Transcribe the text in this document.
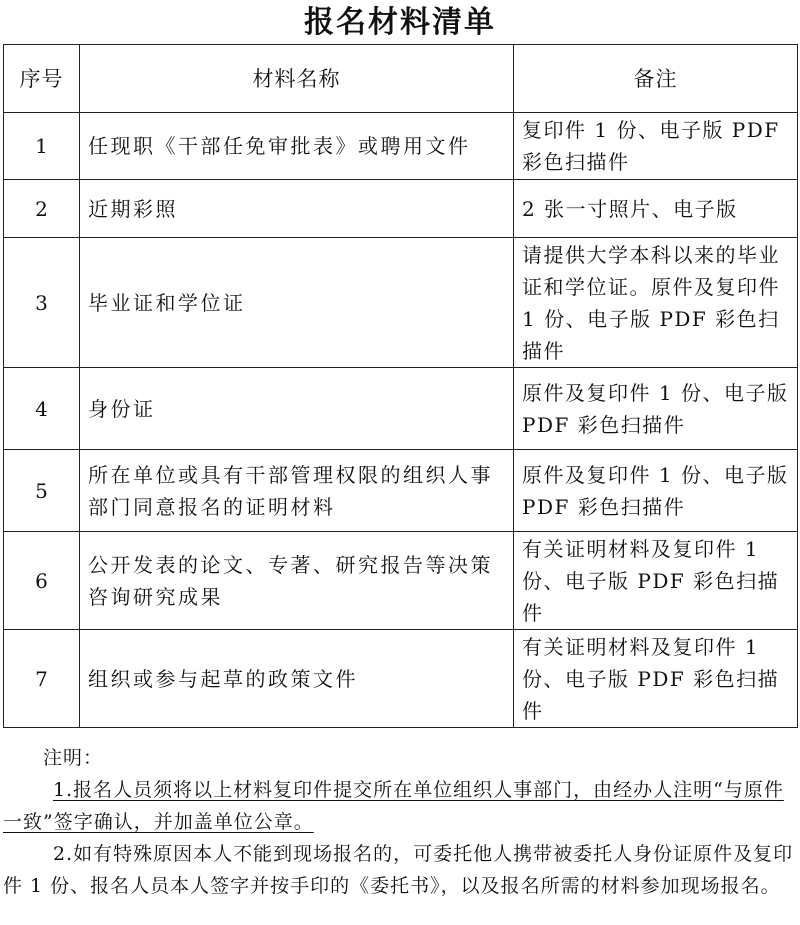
报名材料清单
序号	材料名称	备注
1	任现职《干部任免审批表》或聘用文件	复印件 1 份、电子版 PDF 彩色扫描件
2	近期彩照	2 张一寸照片、电子版
3	毕业证和学位证	请提供大学本科以来的毕业证和学位证。原件及复印件 1 份、电子版 PDF 彩色扫描件
4	身份证	原件及复印件 1 份、电子版 PDF 彩色扫描件
5	所在单位或具有干部管理权限的组织人事部门同意报名的证明材料	原件及复印件 1 份、电子版 PDF 彩色扫描件
6	公开发表的论文、专著、研究报告等决策咨询研究成果	有关证明材料及复印件 1 份、电子版 PDF 彩色扫描件
7	组织或参与起草的政策文件	有关证明材料及复印件 1 份、电子版 PDF 彩色扫描件

注明：

1.报名人员须将以上材料复印件提交所在单位组织人事部门，由经办人注明“与原件一致”签字确认，并加盖单位公章。

2.如有特殊原因本人不能到现场报名的，可委托他人携带被委托人身份证原件及复印件 1 份、报名人员本人签字并按手印的《委托书》，以及报名所需的材料参加现场报名。
